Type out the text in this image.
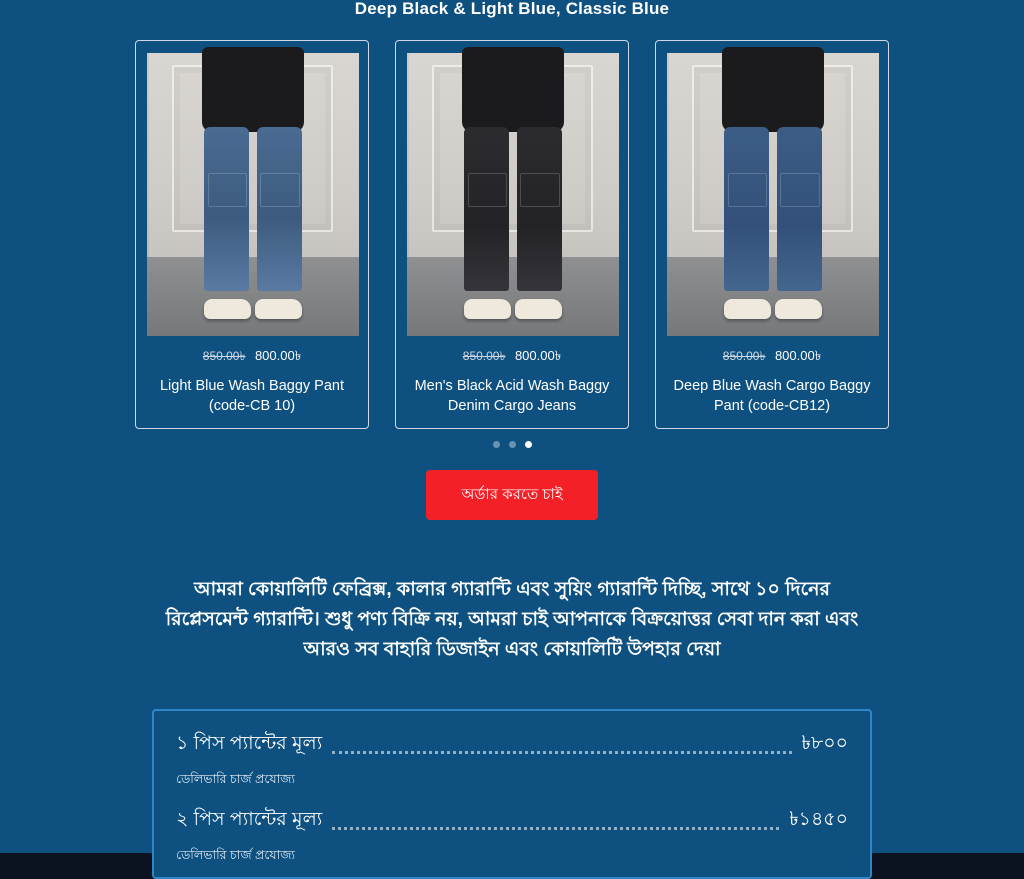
Deep Black & Light Blue, Classic Blue
850.00৳ 800.00৳
Light Blue Wash Baggy Pant (code-CB 10)
850.00৳ 800.00৳
Men's Black Acid Wash Baggy Denim Cargo Jeans
850.00৳ 800.00৳
Deep Blue Wash Cargo Baggy Pant (code-CB12)
অর্ডার করতে চাই
আমরা কোয়ালিটি ফেব্রিক্স, কালার গ্যারান্টি এবং সুয়িং গ্যারান্টি দিচ্ছি, সাথে ১০ দিনের রিপ্লেসমেন্ট গ্যারান্টি। শুধু পণ্য বিক্রি নয়, আমরা চাই আপনাকে বিক্রয়োত্তর সেবা দান করা এবং আরও সব বাহারি ডিজাইন এবং কোয়ালিটি উপহার দেয়া
১ পিস প্যান্টের মূল্য	৳৮০০
ডেলিভারি চার্জ প্রযোজ্য
২ পিস প্যান্টের মূল্য	৳১৪৫০
ডেলিভারি চার্জ প্রযোজ্য
